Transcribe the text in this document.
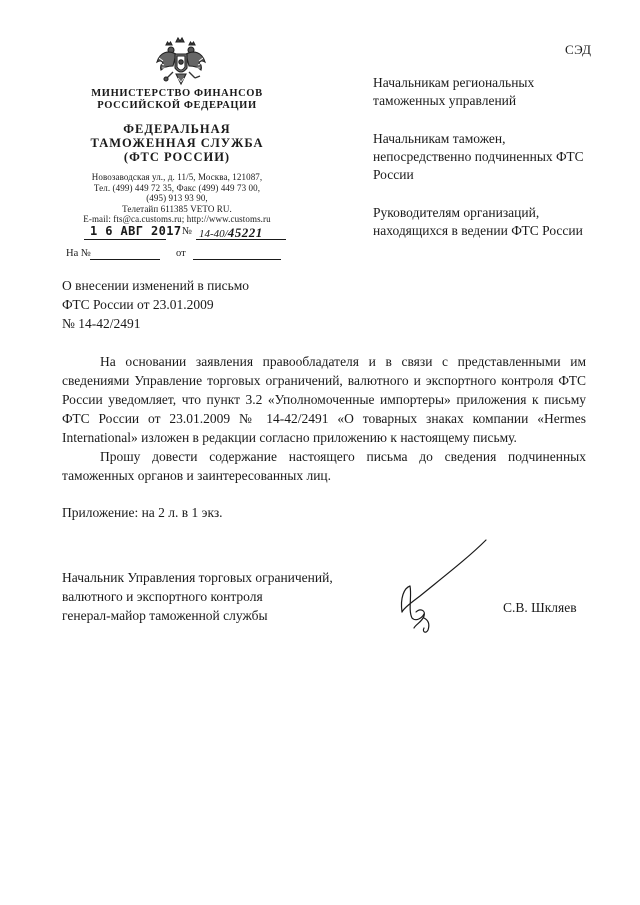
СЭД
МИНИСТЕРСТВО ФИНАНСОВ
РОССИЙСКОЙ ФЕДЕРАЦИИ
ФЕДЕРАЛЬНАЯ
ТАМОЖЕННАЯ СЛУЖБА
(ФТС РОССИИ)
Новозаводская ул., д. 11/5, Москва, 121087,
Тел. (499) 449 72 35, Факс (499) 449 73 00,
(495) 913 93 90,
Телетайп 611385 VETO RU.
E-mail: fts@ca.customs.ru; http://www.customs.ru
1 6 АВГ 2017 № 14-40/45221
На №	от
О внесении изменений в письмо
ФТС России от 23.01.2009
№ 14-42/2491
Начальникам региональных таможенных управлений
Начальникам таможен, непосредственно подчиненных ФТС России
Руководителям организаций, находящихся в ведении ФТС России

На основании заявления правообладателя и в связи с представленными им сведениями Управление торговых ограничений, валютного и экспортного контроля ФТС России уведомляет, что пункт 3.2 «Уполномоченные импортеры» приложения к письму ФТС России от 23.01.2009 № 14-42/2491 «О товарных знаках компании «Hermes International» изложен в редакции согласно приложению к настоящему письму.

Прошу довести содержание настоящего письма до сведения подчиненных таможенных органов и заинтересованных лиц.

Приложение: на 2 л. в 1 экз.
Начальник Управления торговых ограничений,
валютного и экспортного контроля
генерал-майор таможенной службы
С.В. Шкляев
